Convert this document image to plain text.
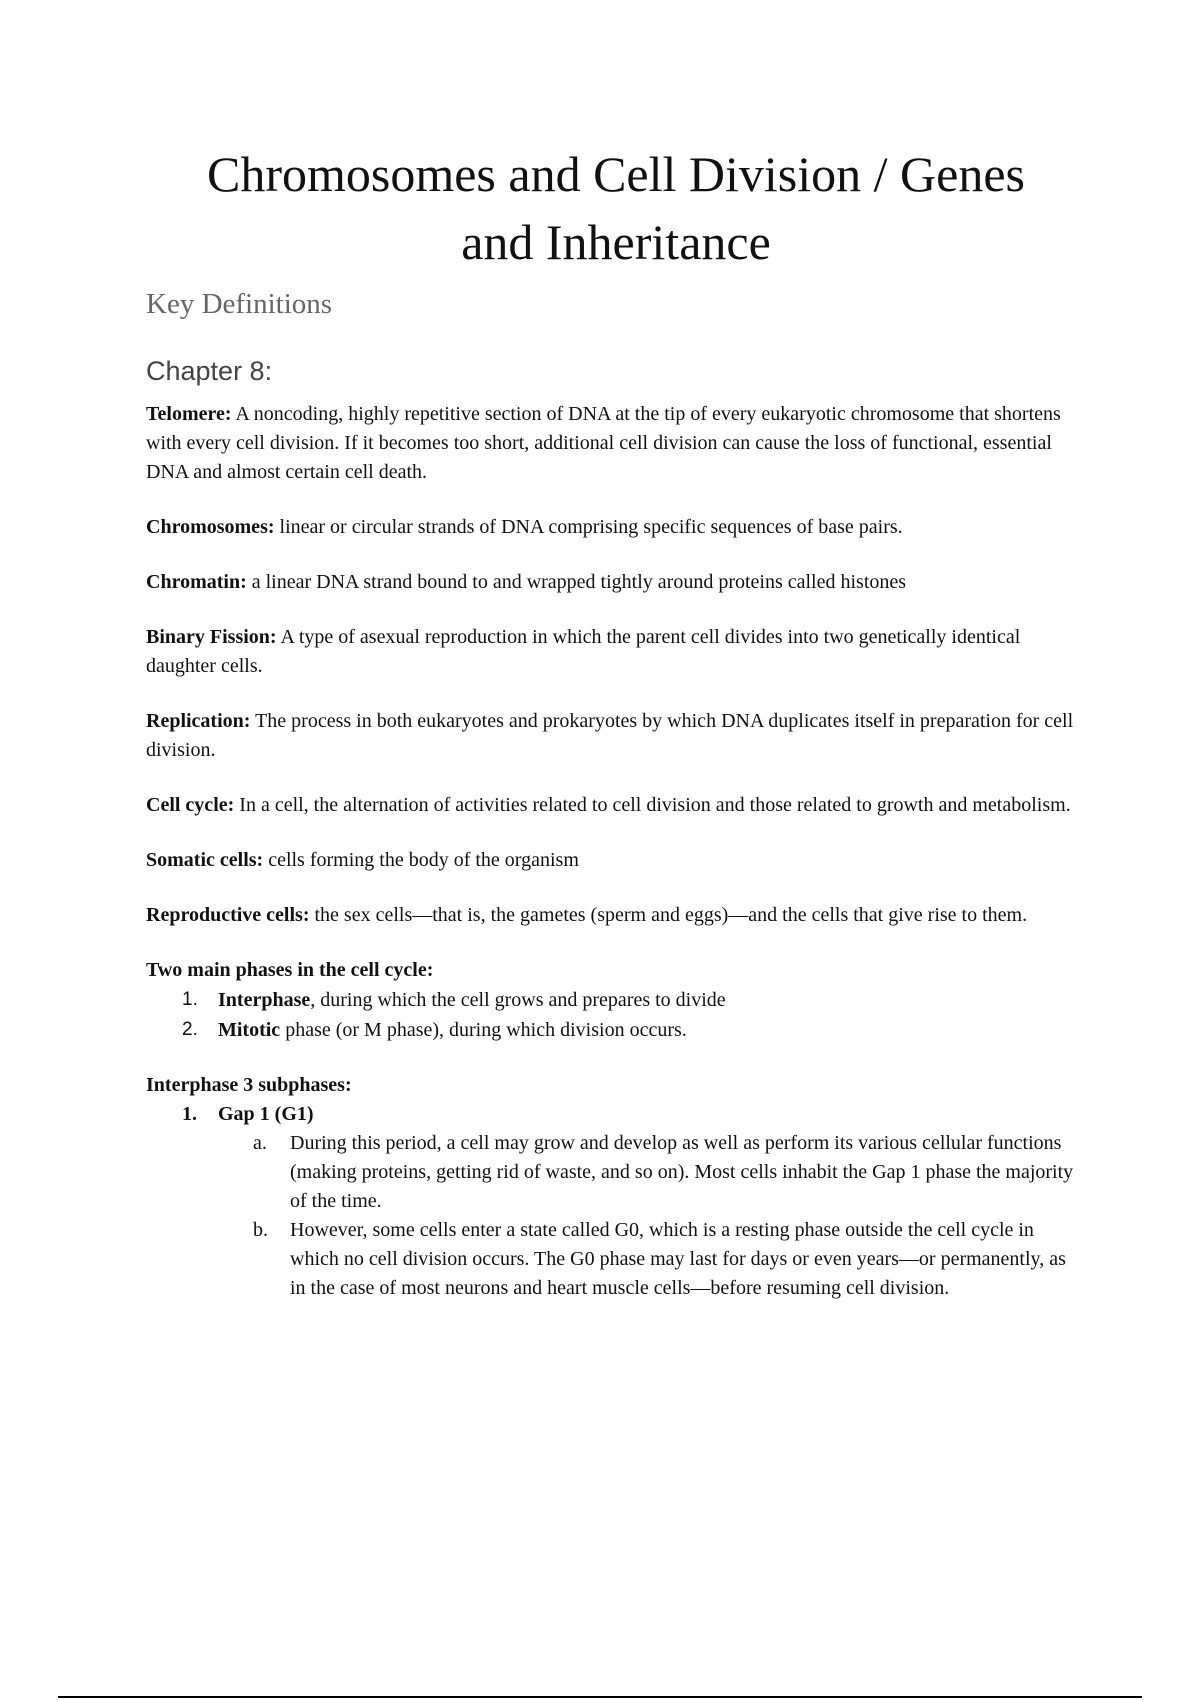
Chromosomes and Cell Division / Genes
and Inheritance
Key Definitions
Chapter 8:

Telomere: A noncoding, highly repetitive section of DNA at the tip of every eukaryotic chromosome that shortens with every cell division. If it becomes too short, additional cell division can cause the loss of functional, essential DNA and almost certain cell death.

Chromosomes: linear or circular strands of DNA comprising specific sequences of base pairs.

Chromatin: a linear DNA strand bound to and wrapped tightly around proteins called histones

Binary Fission: A type of asexual reproduction in which the parent cell divides into two genetically identical daughter cells.

Replication: The process in both eukaryotes and prokaryotes by which DNA duplicates itself in preparation for cell division.

Cell cycle: In a cell, the alternation of activities related to cell division and those related to growth and metabolism.

Somatic cells: cells forming the body of the organism

Reproductive cells: the sex cells—that is, the gametes (sperm and eggs)—and the cells that give rise to them.

Two main phases in the cell cycle:

1. Interphase, during which the cell grows and prepares to divide
2. Mitotic phase (or M phase), during which division occurs.

Interphase 3 subphases:

1. Gap 1 (G1)
a. During this period, a cell may grow and develop as well as perform its various cellular functions (making proteins, getting rid of waste, and so on). Most cells inhabit the Gap 1 phase the majority of the time.
b. However, some cells enter a state called G0, which is a resting phase outside the cell cycle in which no cell division occurs. The G0 phase may last for days or even years—or permanently, as in the case of most neurons and heart muscle cells—before resuming cell division.
